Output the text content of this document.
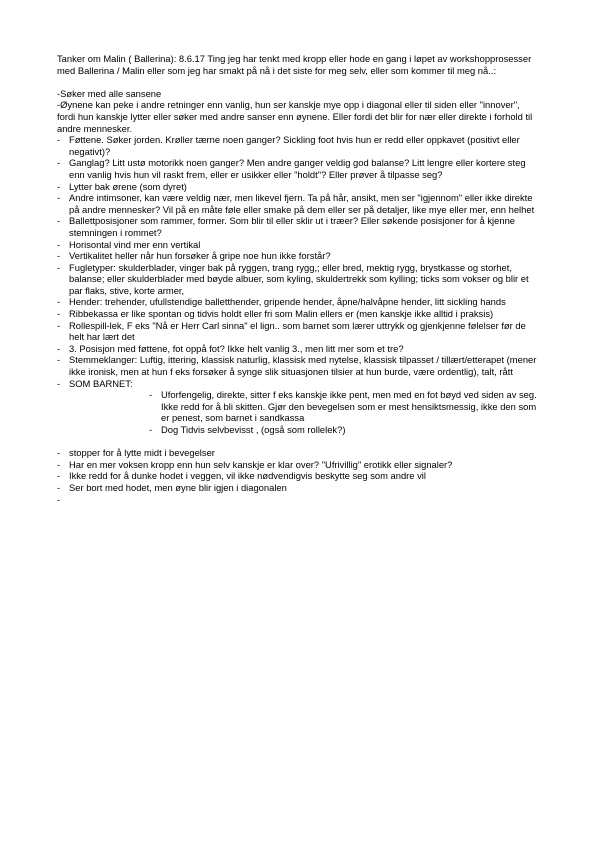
Tanker om Malin ( Ballerina): 8.6.17 Ting jeg har tenkt med kropp eller hode en gang i løpet av workshopprosesser med Ballerina / Malin eller som jeg har smakt på nå i det siste for meg selv, eller som kommer til meg nå..:

-Søker med alle sansene

-Øynene kan peke i andre retninger enn vanlig, hun ser kanskje mye opp i diagonal eller til siden eller "innover", fordi hun kanskje lytter eller søker med andre sanser enn øynene. Eller fordi det blir for nær eller direkte i forhold til andre mennesker.

- Føttene. Søker jorden. Krøller tærne noen ganger? Sickling foot hvis hun er redd eller oppkavet (positivt eller negativt)?
- Ganglag? Litt ustø motorikk noen ganger? Men andre ganger veldig god balanse? Litt lengre eller kortere steg enn vanlig hvis hun vil raskt frem, eller er usikker eller "holdt"? Eller prøver å tilpasse seg?
- Lytter bak ørene (som dyret)
- Andre intimsoner, kan være veldig nær, men likevel fjern. Ta på hår, ansikt, men ser "igjennom" eller ikke direkte på andre mennesker? Vil på en måte føle eller smake på dem eller ser på detaljer, like mye eller mer, enn helhet
- Ballettposisjoner som rammer, former. Som blir til eller sklir ut i træer? Eller søkende posisjoner for å kjenne stemningen i rommet?
- Horisontal vind mer enn vertikal
- Vertikalitet heller når hun forsøker å gripe noe hun ikke forstår?
- Fugletyper: skulderblader, vinger bak på ryggen, trang rygg,; eller bred, mektig rygg, brystkasse og storhet, balanse; eller skulderblader med bøyde albuer, som kyling, skuldertrekk som kylling; ticks som vokser og blir et par flaks, stive, korte armer,
- Hender: trehender, ufullstendige balletthender, gripende hender, åpne/halvåpne hender, litt sickling hands
- Ribbekassa er like spontan og tidvis holdt eller fri som Malin ellers er (men kanskje ikke alltid i praksis)
- Rollespill-lek, F eks "Nå er Herr Carl sinna" el lign.. som barnet som lærer uttrykk og gjenkjenne følelser før de helt har lært det
- 3. Posisjon med føttene, fot oppå fot? Ikke helt vanlig 3., men litt mer som et tre?
- Stemmeklanger: Luftig, ittering, klassisk naturlig, klassisk med nytelse, klassisk tilpasset / tillært/etterapet (mener ikke ironisk, men at hun f eks forsøker å synge slik situasjonen tilsier at hun burde, være ordentlig), talt, rått
- SOM BARNET:
- Uforfengelig, direkte, sitter f eks kanskje ikke pent, men med en fot bøyd ved siden av seg. Ikke redd for å bli skitten. Gjør den bevegelsen som er mest hensiktsmessig, ikke den som er penest, som barnet i sandkassa
- Dog Tidvis selvbevisst , (også som rollelek?)
- stopper for å lytte midt i bevegelser
- Har en mer voksen kropp enn hun selv kanskje er klar over? "Ufrivillig" erotikk eller signaler?
- Ikke redd for å dunke hodet i veggen, vil ikke nødvendigvis beskytte seg som andre vil
- Ser bort med hodet, men øyne blir igjen i diagonalen
